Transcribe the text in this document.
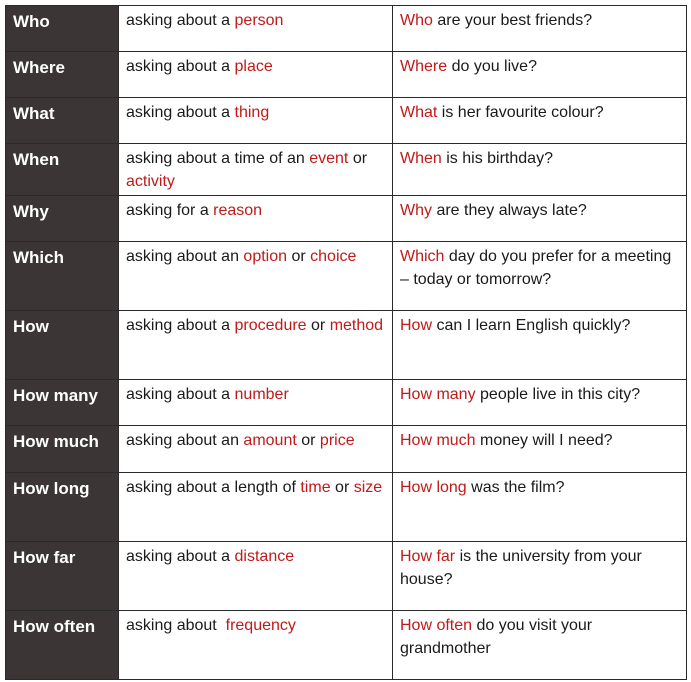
Who	asking about a person	Who are your best friends?
Where	asking about a place	Where do you live?
What	asking about a thing	What is her favourite colour?
When	asking about a time of an event or activity	When is his birthday?
Why	asking for a reason	Why are they always late?
Which	asking about an option or choice	Which day do you prefer for a meeting – today or tomorrow?
How	asking about a procedure or method	How can I learn English quickly?
How many	asking about a number	How many people live in this city?
How much	asking about an amount or price	How much money will I need?
How long	asking about a length of time or size	How long was the film?
How far	asking about a distance	How far is the university from your house?
How often	asking about  frequency	How often do you visit your grandmother
